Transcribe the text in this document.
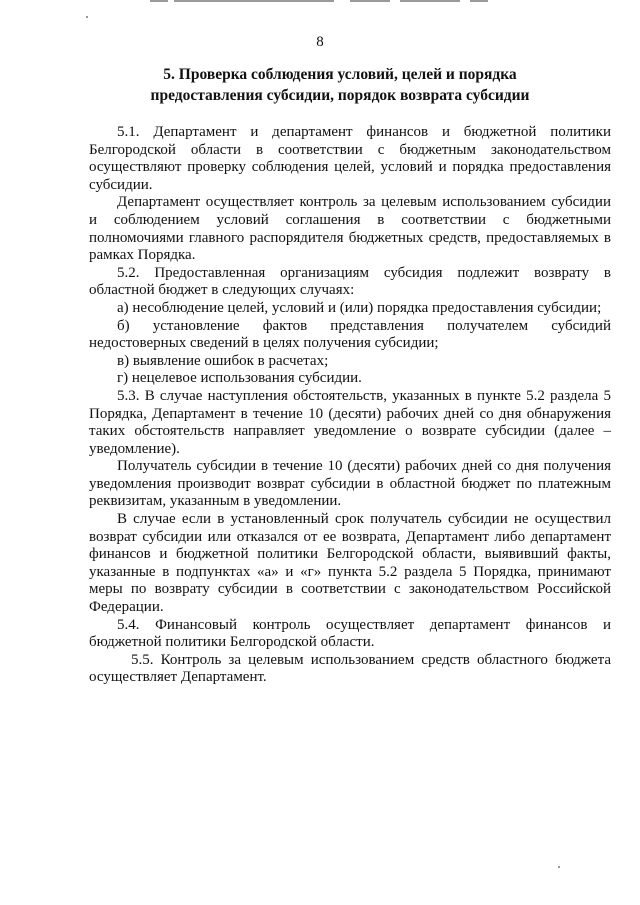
8
5. Проверка соблюдения условий, целей и порядка
предоставления субсидии, порядок возврата субсидии

5.1. Департамент и департамент финансов и бюджетной политики Белгородской области в соответствии с бюджетным законодательством осуществляют проверку соблюдения целей, условий и порядка предоставления субсидии.

Департамент осуществляет контроль за целевым использованием субсидии и соблюдением условий соглашения в соответствии с бюджетными полномочиями главного распорядителя бюджетных средств, предоставляемых в рамках Порядка.

5.2. Предоставленная организациям субсидия подлежит возврату в областной бюджет в следующих случаях:

а) несоблюдение целей, условий и (или) порядка предоставления субсидии;

б) установление фактов представления получателем субсидий недостоверных сведений в целях получения субсидии;

в) выявление ошибок в расчетах;

г) нецелевое использования субсидии.

5.3. В случае наступления обстоятельств, указанных в пункте 5.2 раздела 5 Порядка, Департамент в течение 10 (десяти) рабочих дней со дня обнаружения таких обстоятельств направляет уведомление о возврате субсидии (далее – уведомление).

Получатель субсидии в течение 10 (десяти) рабочих дней со дня получения уведомления производит возврат субсидии в областной бюджет по платежным реквизитам, указанным в уведомлении.

В случае если в установленный срок получатель субсидии не осуществил возврат субсидии или отказался от ее возврата, Департамент либо департамент финансов и бюджетной политики Белгородской области, выявивший факты, указанные в подпунктах «а» и «г» пункта 5.2 раздела 5 Порядка, принимают меры по возврату субсидии в соответствии с законодательством Российской Федерации.

5.4. Финансовый контроль осуществляет департамент финансов и бюджетной политики Белгородской области.

5.5. Контроль за целевым использованием средств областного бюджета осуществляет Департамент.
